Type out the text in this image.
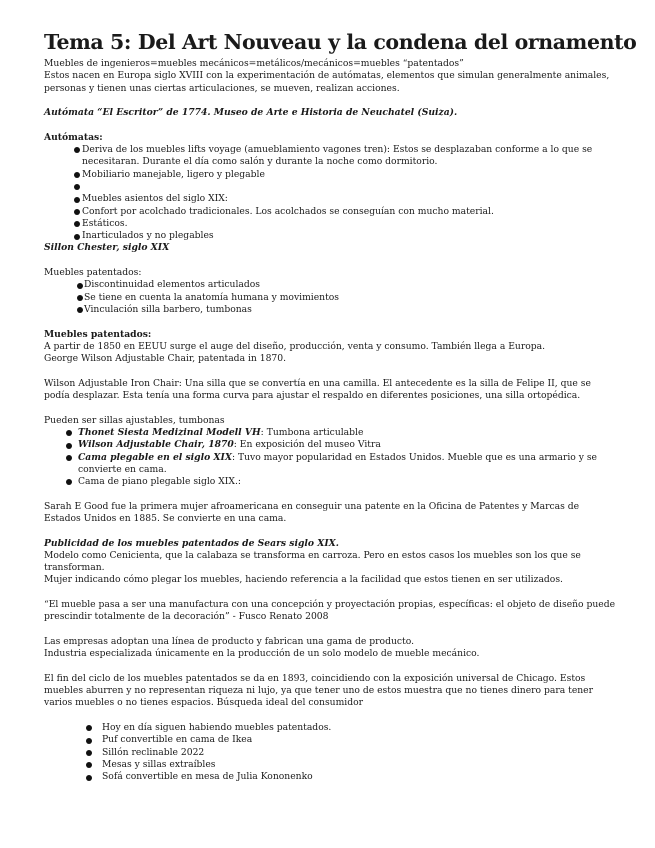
Tema 5: Del Art Nouveau y la condena del ornamento

Muebles de ingenieros=muebles mecánicos=metálicos/mecánicos=muebles “patentados”

Estos nacen en Europa siglo XVIII con la experimentación de autómatas, elementos que simulan generalmente animales, personas y tienen unas ciertas articulaciones, se mueven, realizan acciones.

Autómata “El Escritor” de 1774. Museo de Arte e Historia de Neuchatel (Suiza).

Autómatas:

Deriva de los muebles lifts voyage (amueblamiento vagones tren): Estos se desplazaban conforme a lo que se necesitaran. Durante el día como salón y durante la noche como dormitorio.
Mobiliario manejable, ligero y plegable
Muebles asientos del siglo XIX:
Confort por acolchado tradicionales. Los acolchados se conseguían con mucho material.
Estáticos.
Inarticulados y no plegables

Sillon Chester, siglo XIX

Muebles patentados:

Discontinuidad elementos articulados
Se tiene en cuenta la anatomía humana y movimientos
Vinculación silla barbero, tumbonas

Muebles patentados:

A partir de 1850 en EEUU surge el auge del diseño, producción, venta y consumo. También llega a Europa.

George Wilson Adjustable Chair, patentada in 1870.

Wilson Adjustable Iron Chair: Una silla que se convertía en una camilla. El antecedente es la silla de Felipe II, que se podía desplazar. Esta tenía una forma curva para ajustar el respaldo en diferentes posiciones, una silla ortopédica.

Pueden ser sillas ajustables, tumbonas

Thonet Siesta Medizinal Modell VH: Tumbona articulable
Wilson Adjustable Chair, 1870: En exposición del museo Vitra
Cama plegable en el siglo XIX: Tuvo mayor popularidad en Estados Unidos. Mueble que es una armario y se convierte en cama.
Cama de piano plegable siglo XIX.:

Sarah E Good fue la primera mujer afroamericana en conseguir una patente en la Oficina de Patentes y Marcas de Estados Unidos en 1885. Se convierte en una cama.

Publicidad de los muebles patentados de Sears siglo XIX.

Modelo como Cenicienta, que la calabaza se transforma en carroza. Pero en estos casos los muebles son los que se transforman.

Mujer indicando cómo plegar los muebles, haciendo referencia a la facilidad que estos tienen en ser utilizados.

“El mueble pasa a ser una manufactura con una concepción y proyectación propias, específicas: el objeto de diseño puede prescindir totalmente de la decoración” - Fusco Renato 2008

Las empresas adoptan una línea de producto y fabrican una gama de producto.

Industria especializada únicamente en la producción de un solo modelo de mueble mecánico.

El fin del ciclo de los muebles patentados se da en 1893, coincidiendo con la exposición universal de Chicago. Estos muebles aburren y no representan riqueza ni lujo, ya que tener uno de estos muestra que no tienes dinero para tener varios muebles o no tienes espacios. Búsqueda ideal del consumidor

Hoy en día siguen habiendo muebles patentados.
Puf convertible en cama de Ikea
Sillón reclinable 2022
Mesas y sillas extraíbles
Sofá convertible en mesa de Julia Kononenko
